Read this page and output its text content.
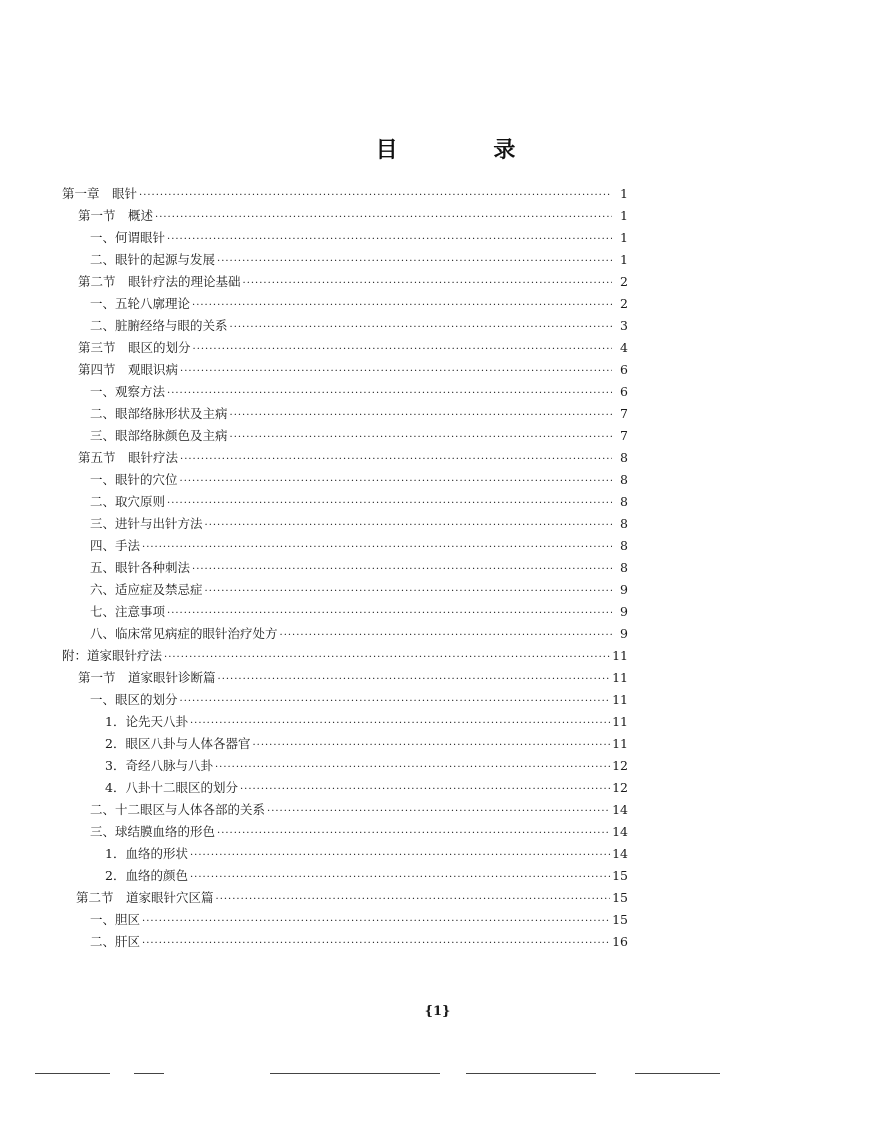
目 录
第一章　眼针 ·····	1
第一节　概述 ·····	1
一、何谓眼针 ·····	1
二、眼针的起源与发展 ·····	1
第二节　眼针疗法的理论基础 ·····	2
一、五轮八廓理论 ·····	2
二、脏腑经络与眼的关系 ·····	3
第三节　眼区的划分 ·····	4
第四节　观眼识病 ·····	6
一、观察方法 ·····	6
二、眼部络脉形状及主病 ·····	7
三、眼部络脉颜色及主病 ·····	7
第五节　眼针疗法 ·····	8
一、眼针的穴位 ·····	8
二、取穴原则 ·····	8
三、进针与出针方法 ·····	8
四、手法 ·····	8
五、眼针各种刺法 ·····	8
六、适应症及禁忌症 ·····	9
七、注意事项 ·····	9
八、临床常见病症的眼针治疗处方 ·····	9
附：道家眼针疗法 ·····	11
第一节　道家眼针诊断篇 ·····	11
一、眼区的划分 ·····	11
1．论先天八卦 ·····	11
2．眼区八卦与人体各器官 ·····	11
3．奇经八脉与八卦 ·····	12
4．八卦十二眼区的划分 ·····	12
二、十二眼区与人体各部的关系 ·····	14
三、球结膜血络的形色 ·····	14
1．血络的形状 ·····	14
2．血络的颜色 ·····	15
第二节　道家眼针穴区篇 ·····	15
一、胆区 ·····	15
二、肝区 ·····	16
{1}
